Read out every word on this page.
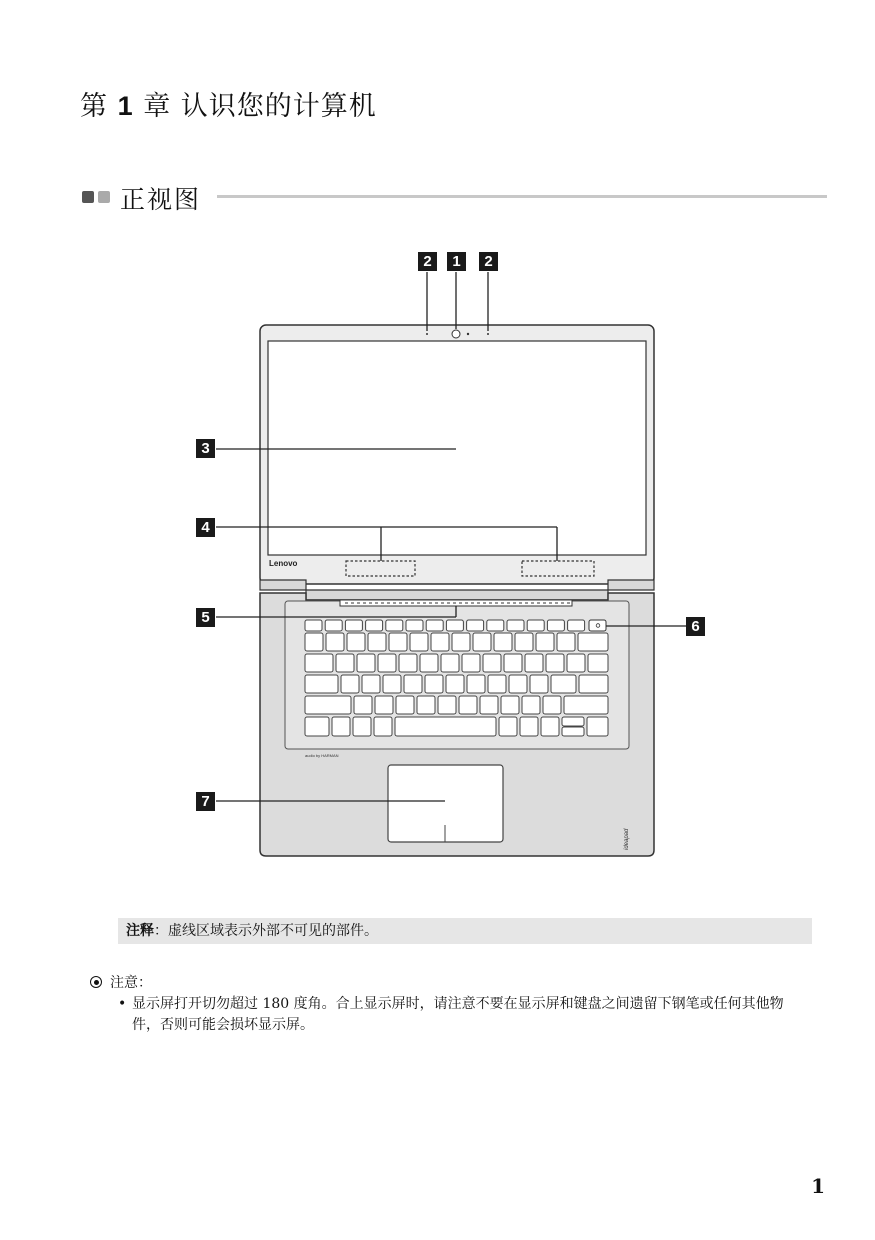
第 1 章 认识您的计算机
正视图
Lenovo
audio by HARMAN
ideapad
2	1	2
3
4
5
6
7
注释：虚线区域表示外部不可见的部件。
注意：
• 显示屏打开切勿超过 180 度角。合上显示屏时，请注意不要在显示屏和键盘之间遗留下钢笔或任何其他物件，否则可能会损坏显示屏。
1
